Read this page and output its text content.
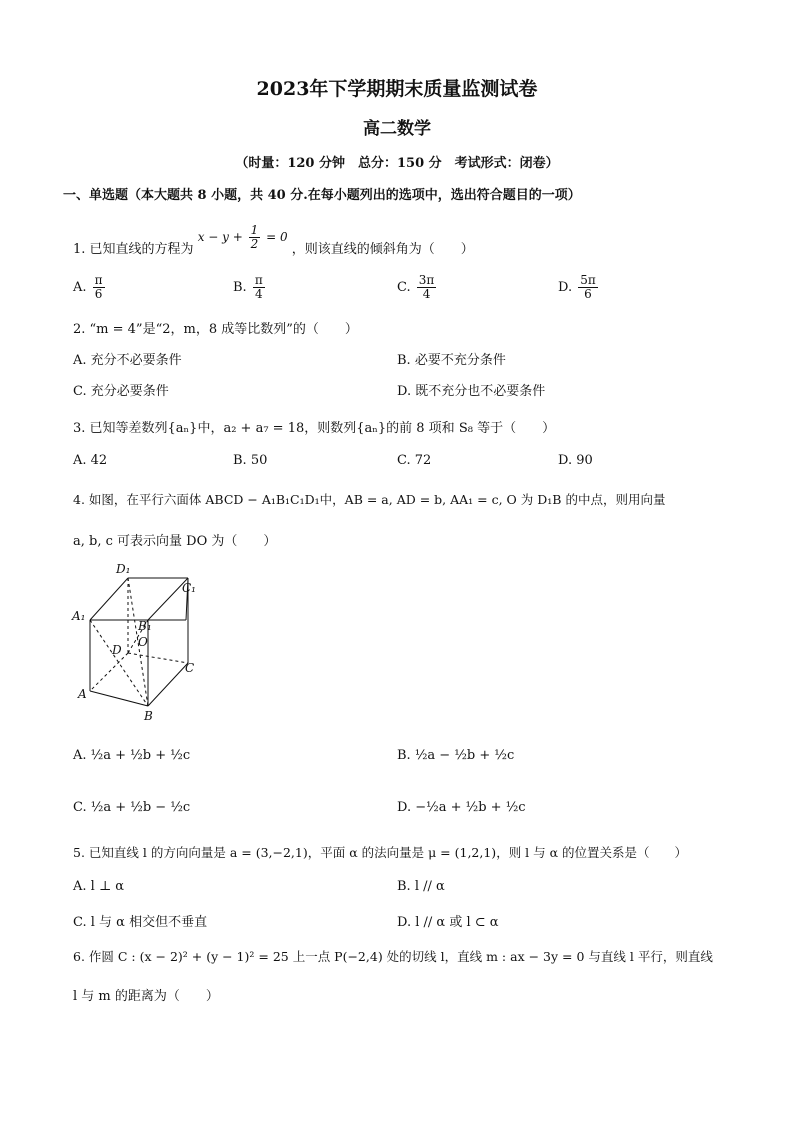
2023年下学期期末质量监测试卷
高二数学
（时量：120 分钟　总分：150 分　考试形式：闭卷）
一、单选题（本大题共 8 小题，共 40 分.在每小题列出的选项中，选出符合题目的一项）
1. 已知直线的方程为 $x - y + \frac{1}{2} = 0$ ，则该直线的倾斜角为（　　）
A. $\frac{\pi}{6}$	B. $\frac{\pi}{4}$	C. $\frac{3\pi}{4}$	D. $\frac{5\pi}{6}$
2. “m = 4”是“2，m，8 成等比数列”的（　　）
A. 充分不必要条件	B. 必要不充分条件
C. 充分必要条件	D. 既不充分也不必要条件
3. 已知等差数列{aₙ}中，a₂ + a₇ = 18，则数列{aₙ}的前 8 项和 S₈ 等于（　　）
A. 42	B. 50	C. 72	D. 90
4. 如图，在平行六面体 ABCD − A₁B₁C₁D₁中，AB = a, AD = b, AA₁ = c, O 为 D₁B 的中点，则用向量
a, b, c 可表示向量 DO 为（　　）
D₁
C₁
A₁
B₁
D
O
C
A
B
A. ½a + ½b + ½c	B. ½a − ½b + ½c
C. ½a + ½b − ½c	D. −½a + ½b + ½c
5. 已知直线 l 的方向向量是 a = (3,−2,1)，平面 α 的法向量是 μ = (1,2,1)，则 l 与 α 的位置关系是（　　）
A. l ⊥ α	B. l // α
C. l 与 α 相交但不垂直	D. l // α 或 l ⊂ α
6. 作圆 C : (x − 2)² + (y − 1)² = 25 上一点 P(−2,4) 处的切线 l，直线 m : ax − 3y = 0 与直线 l 平行，则直线
l 与 m 的距离为（　　）
